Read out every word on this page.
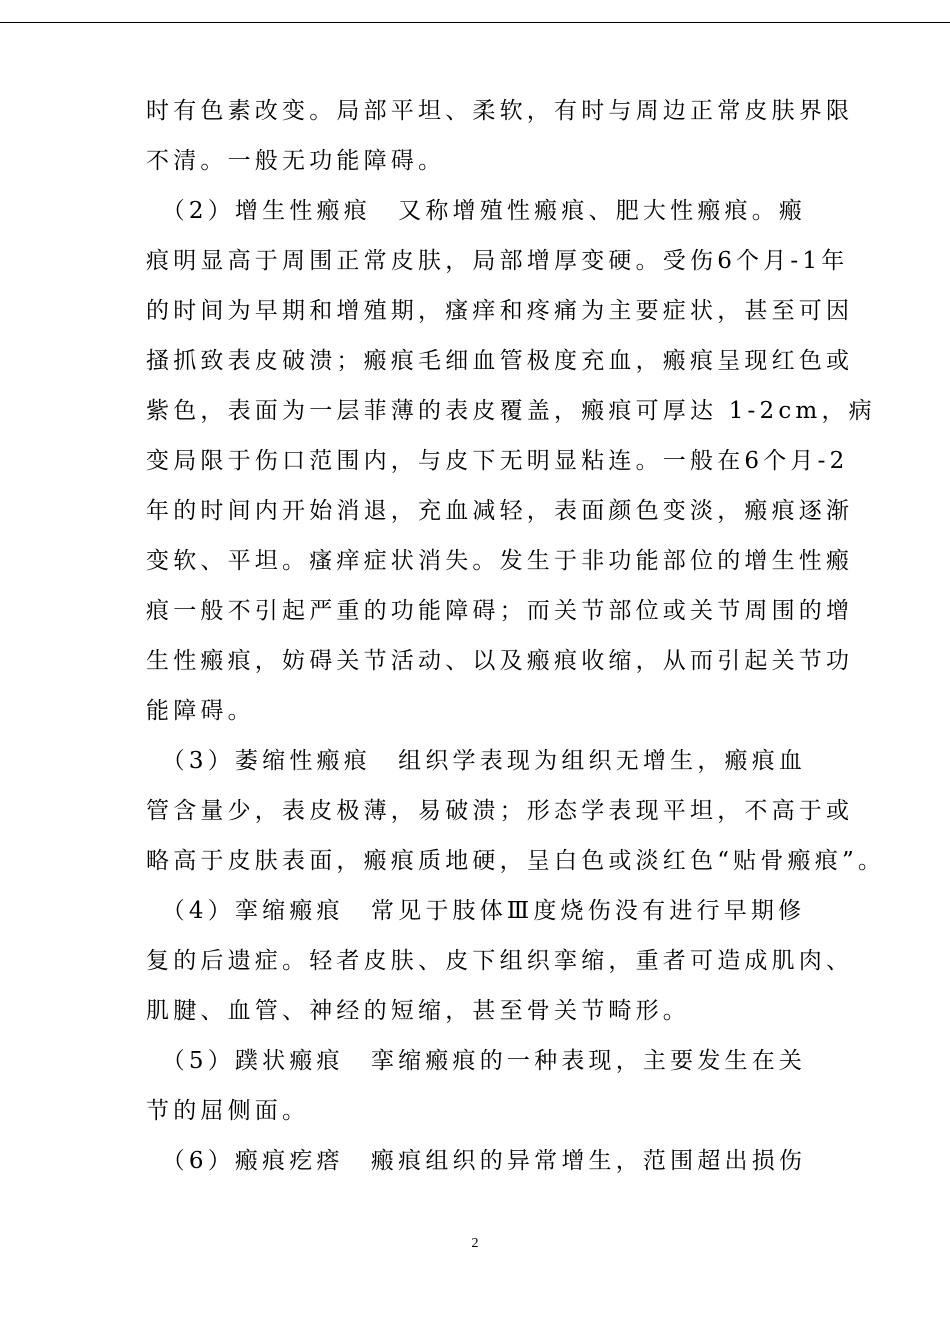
时有色素改变。局部平坦、柔软，有时与周边正常皮肤界限
不清。一般无功能障碍。
　（2）增生性瘢痕　又称增殖性瘢痕、肥大性瘢痕。瘢
痕明显高于周围正常皮肤，局部增厚变硬。受伤6个月-1年
的时间为早期和增殖期，瘙痒和疼痛为主要症状，甚至可因
搔抓致表皮破溃；瘢痕毛细血管极度充血，瘢痕呈现红色或
紫色，表面为一层菲薄的表皮覆盖，瘢痕可厚达 1-2cm，病
变局限于伤口范围内，与皮下无明显粘连。一般在6个月-2
年的时间内开始消退，充血减轻，表面颜色变淡，瘢痕逐渐
变软、平坦。瘙痒症状消失。发生于非功能部位的增生性瘢
痕一般不引起严重的功能障碍；而关节部位或关节周围的增
生性瘢痕，妨碍关节活动、以及瘢痕收缩，从而引起关节功
能障碍。
　（3）萎缩性瘢痕　组织学表现为组织无增生，瘢痕血
管含量少，表皮极薄，易破溃；形态学表现平坦，不高于或
略高于皮肤表面，瘢痕质地硬，呈白色或淡红色“贴骨瘢痕”。
　（4）挛缩瘢痕　常见于肢体Ⅲ度烧伤没有进行早期修
复的后遗症。轻者皮肤、皮下组织挛缩，重者可造成肌肉、
肌腱、血管、神经的短缩，甚至骨关节畸形。
　（5）蹼状瘢痕　挛缩瘢痕的一种表现，主要发生在关
节的屈侧面。
　（6）瘢痕疙瘩　瘢痕组织的异常增生，范围超出损伤
2
